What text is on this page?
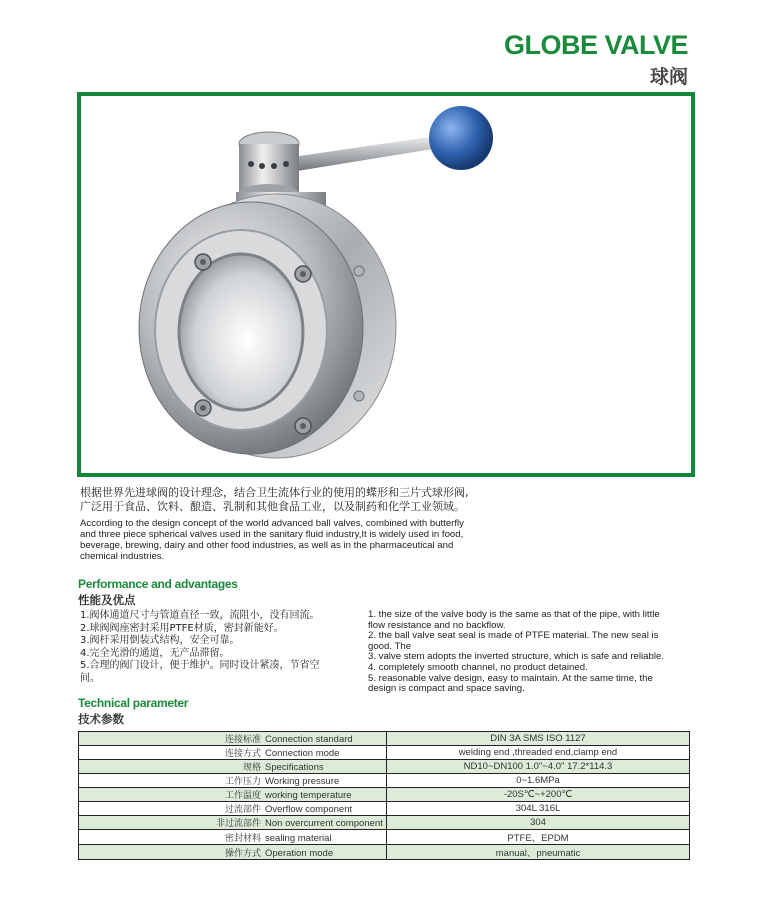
GLOBE VALVE
球阀
根据世界先进球阀的设计理念，结合卫生流体行业的使用的蝶形和三片式球形阀,
广泛用于食品、饮料、酿造、乳制和其他食品工业，以及制药和化学工业领域。
According to the design concept of the world advanced ball valves, combined with butterfly
and three piece spherical valves used in the sanitary fluid industry,It is widely used in food,
beverage, brewing, dairy and other food industries, as well as in the pharmaceutical and
chemical industries.
Performance and advantages
性能及优点
1.阀体通道尺寸与管道直径一致，流阻小，没有回流。
2.球阀阀座密封采用PTFE材质，密封新能好。
3.阀杆采用倒装式结构，安全可靠。
4.完全光滑的通道，无产品滞留。
5.合理的阀门设计，便于维护。同时设计紧凑，节省空
间。
1. the size of the valve body is the same as that of the pipe, with little
flow resistance and no backflow.
2. the ball valve seat seal is made of PTFE material. The new seal is
good. The
3. valve stem adopts the inverted structure, which is safe and reliable.
4. completely smooth channel, no product detained.
5. reasonable valve design, easy to maintain. At the same time, the
design is compact and space saving.
Technical parameter
技术参数
连接标准 Connection standard	DIN 3A SMS ISO 1127
连接方式 Connection mode	welding end ,threaded end,clamp end
规格 Specifications	ND10~DN100 1.0"~4.0" 17.2*114.3
工作压力 Working pressure	0~1.6MPa
工作温度 working temperature	-20S℃~+200℃
过流部件 Overflow component	304L 316L
非过流部件 Non overcurrent component	304
密封材料 sealing material	PTFE、EPDM
操作方式 Operation mode	manual、pneumatic
